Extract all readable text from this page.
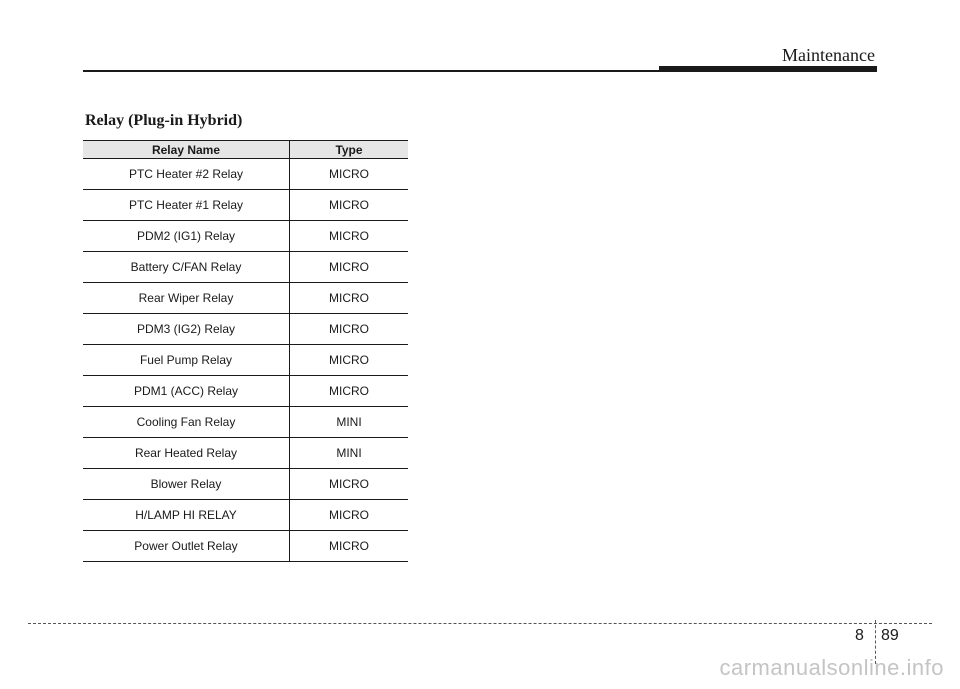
Maintenance
Relay (Plug-in Hybrid)
Relay Name	Type
PTC Heater #2 Relay	MICRO
PTC Heater #1 Relay	MICRO
PDM2 (IG1) Relay	MICRO
Battery C/FAN Relay	MICRO
Rear Wiper Relay	MICRO
PDM3 (IG2) Relay	MICRO
Fuel Pump Relay	MICRO
PDM1 (ACC) Relay	MICRO
Cooling Fan Relay	MINI
Rear Heated Relay	MINI
Blower Relay	MICRO
H/LAMP HI RELAY	MICRO
Power Outlet Relay	MICRO
8 89
carmanualsonline.info
